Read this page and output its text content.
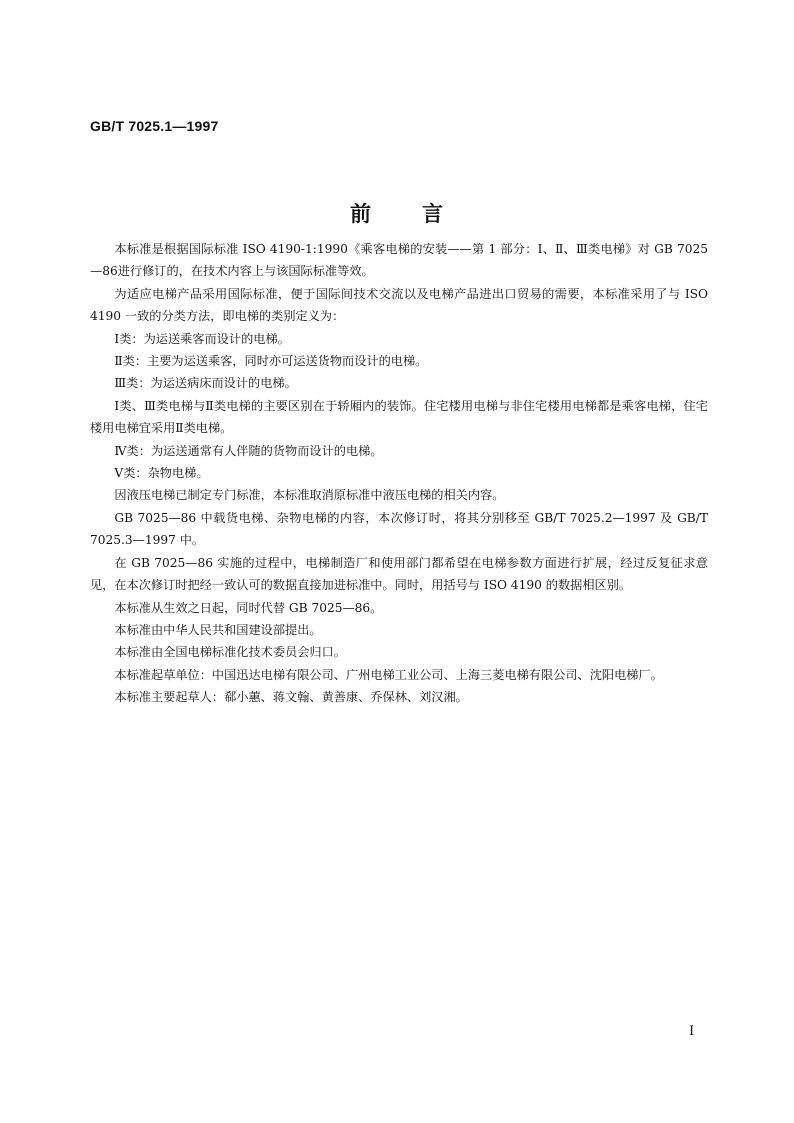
GB/T 7025.1—1997
前 言

本标准是根据国际标准 ISO 4190-1:1990《乘客电梯的安装——第 1 部分：Ⅰ、Ⅱ、Ⅲ类电梯》对 GB 7025—86进行修订的，在技术内容上与该国际标准等效。

为适应电梯产品采用国际标准，便于国际间技术交流以及电梯产品进出口贸易的需要，本标准采用了与 ISO 4190 一致的分类方法，即电梯的类别定义为：

Ⅰ类：为运送乘客而设计的电梯。

Ⅱ类：主要为运送乘客，同时亦可运送货物而设计的电梯。

Ⅲ类：为运送病床而设计的电梯。

Ⅰ类、Ⅲ类电梯与Ⅱ类电梯的主要区别在于轿厢内的装饰。住宅楼用电梯与非住宅楼用电梯都是乘客电梯，住宅楼用电梯宜采用Ⅱ类电梯。

Ⅳ类：为运送通常有人伴随的货物而设计的电梯。

Ⅴ类：杂物电梯。

因液压电梯已制定专门标准，本标准取消原标准中液压电梯的相关内容。

GB 7025—86 中载货电梯、杂物电梯的内容，本次修订时，将其分别移至 GB/T 7025.2—1997 及 GB/T 7025.3—1997 中。

在 GB 7025—86 实施的过程中，电梯制造厂和使用部门都希望在电梯参数方面进行扩展，经过反复征求意见，在本次修订时把经一致认可的数据直接加进标准中。同时，用括号与 ISO 4190 的数据相区别。

本标准从生效之日起，同时代替 GB 7025—86。

本标准由中华人民共和国建设部提出。

本标准由全国电梯标准化技术委员会归口。

本标准起草单位：中国迅达电梯有限公司、广州电梯工业公司、上海三菱电梯有限公司、沈阳电梯厂。

本标准主要起草人：郗小蕙、蒋文翰、黄善康、乔保林、刘汉湘。

Ⅰ
